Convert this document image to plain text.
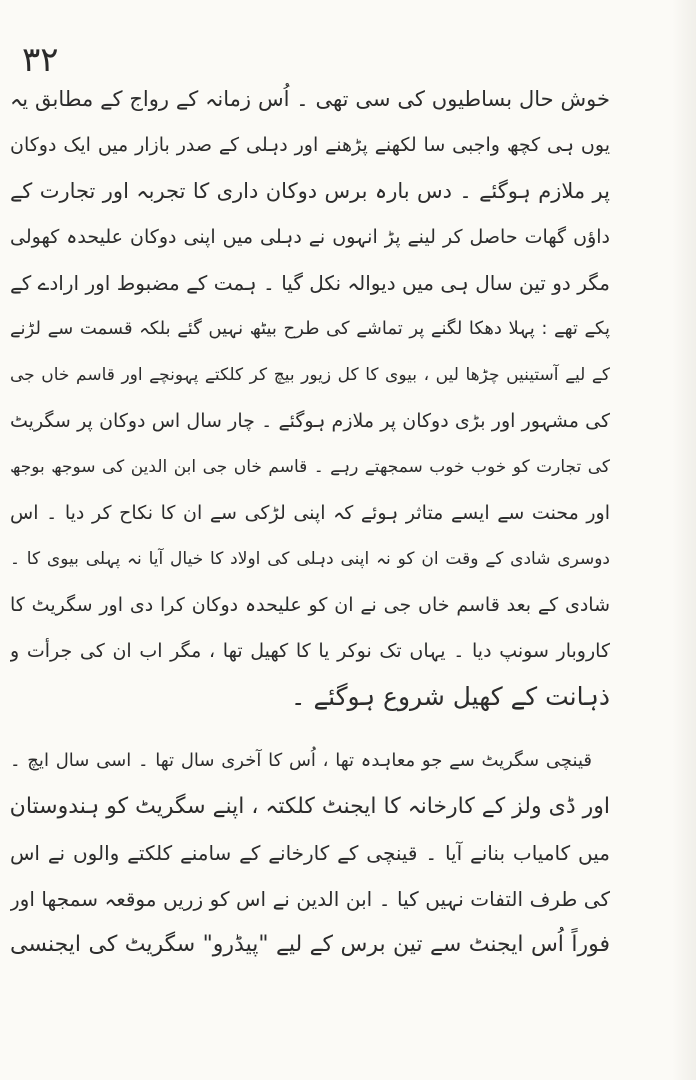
۳۲
خوش حال بساطیوں کی سی تھی ۔ اُس زمانہ کے رواج کے مطابق یہ
یوں ہی کچھ واجبی سا لکھنے پڑھنے اور دہلی کے صدر بازار میں ایک دوکان
پر ملازم ہوگئے ۔ دس بارہ برس دوکان داری کا تجربہ اور تجارت کے
داؤں گھات حاصل کر لینے پڑ انہوں نے دہلی میں اپنی دوکان علیحدہ کھولی
مگر دو تین سال ہی میں دیوالہ نکل گیا ۔ ہمت کے مضبوط اور ارادے کے
پکے تھے : پہلا دھکا لگنے پر تماشے کی طرح بیٹھ نہیں گئے بلکہ قسمت سے لڑنے
کے لیے آستینیں چڑھا لیں ، بیوی کا کل زیور بیچ کر کلکتے پہونچے اور قاسم خاں جی
کی مشہور اور بڑی دوکان پر ملازم ہوگئے ۔ چار سال اس دوکان پر سگریٹ
کی تجارت کو خوب خوب سمجھتے رہے ۔ قاسم خاں جی ابن الدین کی سوجھ بوجھ
اور محنت سے ایسے متاثر ہوئے کہ اپنی لڑکی سے ان کا نکاح کر دیا ۔ اس
دوسری شادی کے وقت ان کو نہ اپنی دہلی کی اولاد کا خیال آیا نہ پہلی بیوی کا ۔
شادی کے بعد قاسم خاں جی نے ان کو علیحدہ دوکان کرا دی اور سگریٹ کا
کاروبار سونپ دیا ۔ یہاں تک نوکر یا کا کھیل تھا ، مگر اب ان کی جرأت و
ذہانت کے کھیل شروع ہوگئے ۔
قینچی سگریٹ سے جو معاہدہ تھا ، اُس کا آخری سال تھا ۔ اسی سال ایچ ۔
اور ڈی ولز کے کارخانہ کا ایجنٹ کلکتہ ، اپنے سگریٹ کو ہندوستان
میں کامیاب بنانے آیا ۔ قینچی کے کارخانے کے سامنے کلکتے والوں نے اس
کی طرف التفات نہیں کیا ۔ ابن الدین نے اس کو زریں موقعہ سمجھا اور
فوراً اُس ایجنٹ سے تین برس کے لیے "پیڈرو" سگریٹ کی ایجنسی
